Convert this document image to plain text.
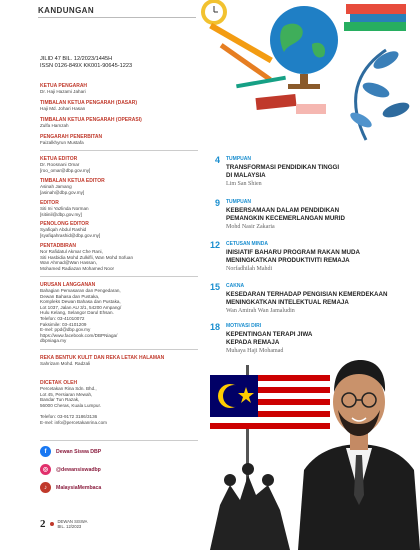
KANDUNGAN
JILID 47 BIL. 12/2023/1445H
ISSN 0126-849X KK001-90645-1223
KETUA PENGARAH
Dr. Haji Hazami Jahari
TIMBALAN KETUA PENGARAH (DASAR)
Haji Md. Johari Hasan
TIMBALAN KETUA PENGARAH (OPERASI)
Zulfa Hamzah
PENGARAH PENERBITAN
Faizalkhyrun Mustafa
KETUA EDITOR
Dr. Roosnani Omar
[roo_omar@dbp.gov.my]
TIMBALAN KETUA EDITOR
Asinah Jamang
[asinah@dbp.gov.my]
EDITOR
Siti Ini Yazlinda Norman
[sitiinil@dbp.gov.my]
PENOLONG EDITOR
Syafiqah Abdul Rashid
[syafiqahrashid@dbp.gov.my]
PENTADBIRAN
Nor Rafidatul Akmar Che Rani,
Siti Hasbidia Mohd Zulkifli, Wan Mohd Sofuan
Wan Ahmad@Wan Hassan,
Mohamed Radiazan Mohamed Noor
URUSAN LANGGANAN
Bahagian Pemasaran dan Pengedaran,
Dewan Bahasa dan Pustaka,
Kompleks Dewan Bahasa dan Pustaka,
Lot 1037, Jalan AU 3/1, 54200 Ampang/
Hulu Kelang, Selangor Darul Ehsan.
Telefon: 03-41010072
Faksimile: 03-4101209
E-mel: ppd@dbp.gov.my
https://www.facebook.com/DBPNiaga/
dbpniaga.my
REKA BENTUK KULIT DAN REKA LETAK HALAMAN
Sahrizam Mohd. Radzali
DICETAK OLEH
Percetakan Rina Sdn. Bhd.,
Lot 45, Persiaran Mewah,
Bandar Tun Razak,
56000 Cheras, Kuala Lumpur.

Telefon: 03-9172 3186/3136
E-mel: info@percetakanrina.com
f	Dewan Siswa DBP
◎	@dewansiswadbp
♪	MalaysiaMembaca
2	DEWAN SISWA
BIL. 12/2023
4 TUMPUAN
TRANSFORMASI PENDIDIKAN TINGGI DI MALAYSIA
Lim San Shien
9 TUMPUAN
KEBERSAMAAN DALAM PENDIDIKAN PEMANGKIN KECEMERLANGAN MURID
Mohd Nasir Zakaria
12 CETUSAN MINDA
INISIATIF BAHARU PROGRAM RAKAN MUDA MENINGKATKAN PRODUKTIVITI REMAJA
Norfadhilah Mahdi
15 CAKNA
KESEDARAN TERHADAP PENGISIAN KEMERDEKAAN MENINGKATKAN INTELEKTUAL REMAJA
Wan Amirah Wan Jamaludin
18 MOTIVASI DIRI
KEPENTINGAN TERAPI JIWA KEPADA REMAJA
Muhaya Haji Mohamad
